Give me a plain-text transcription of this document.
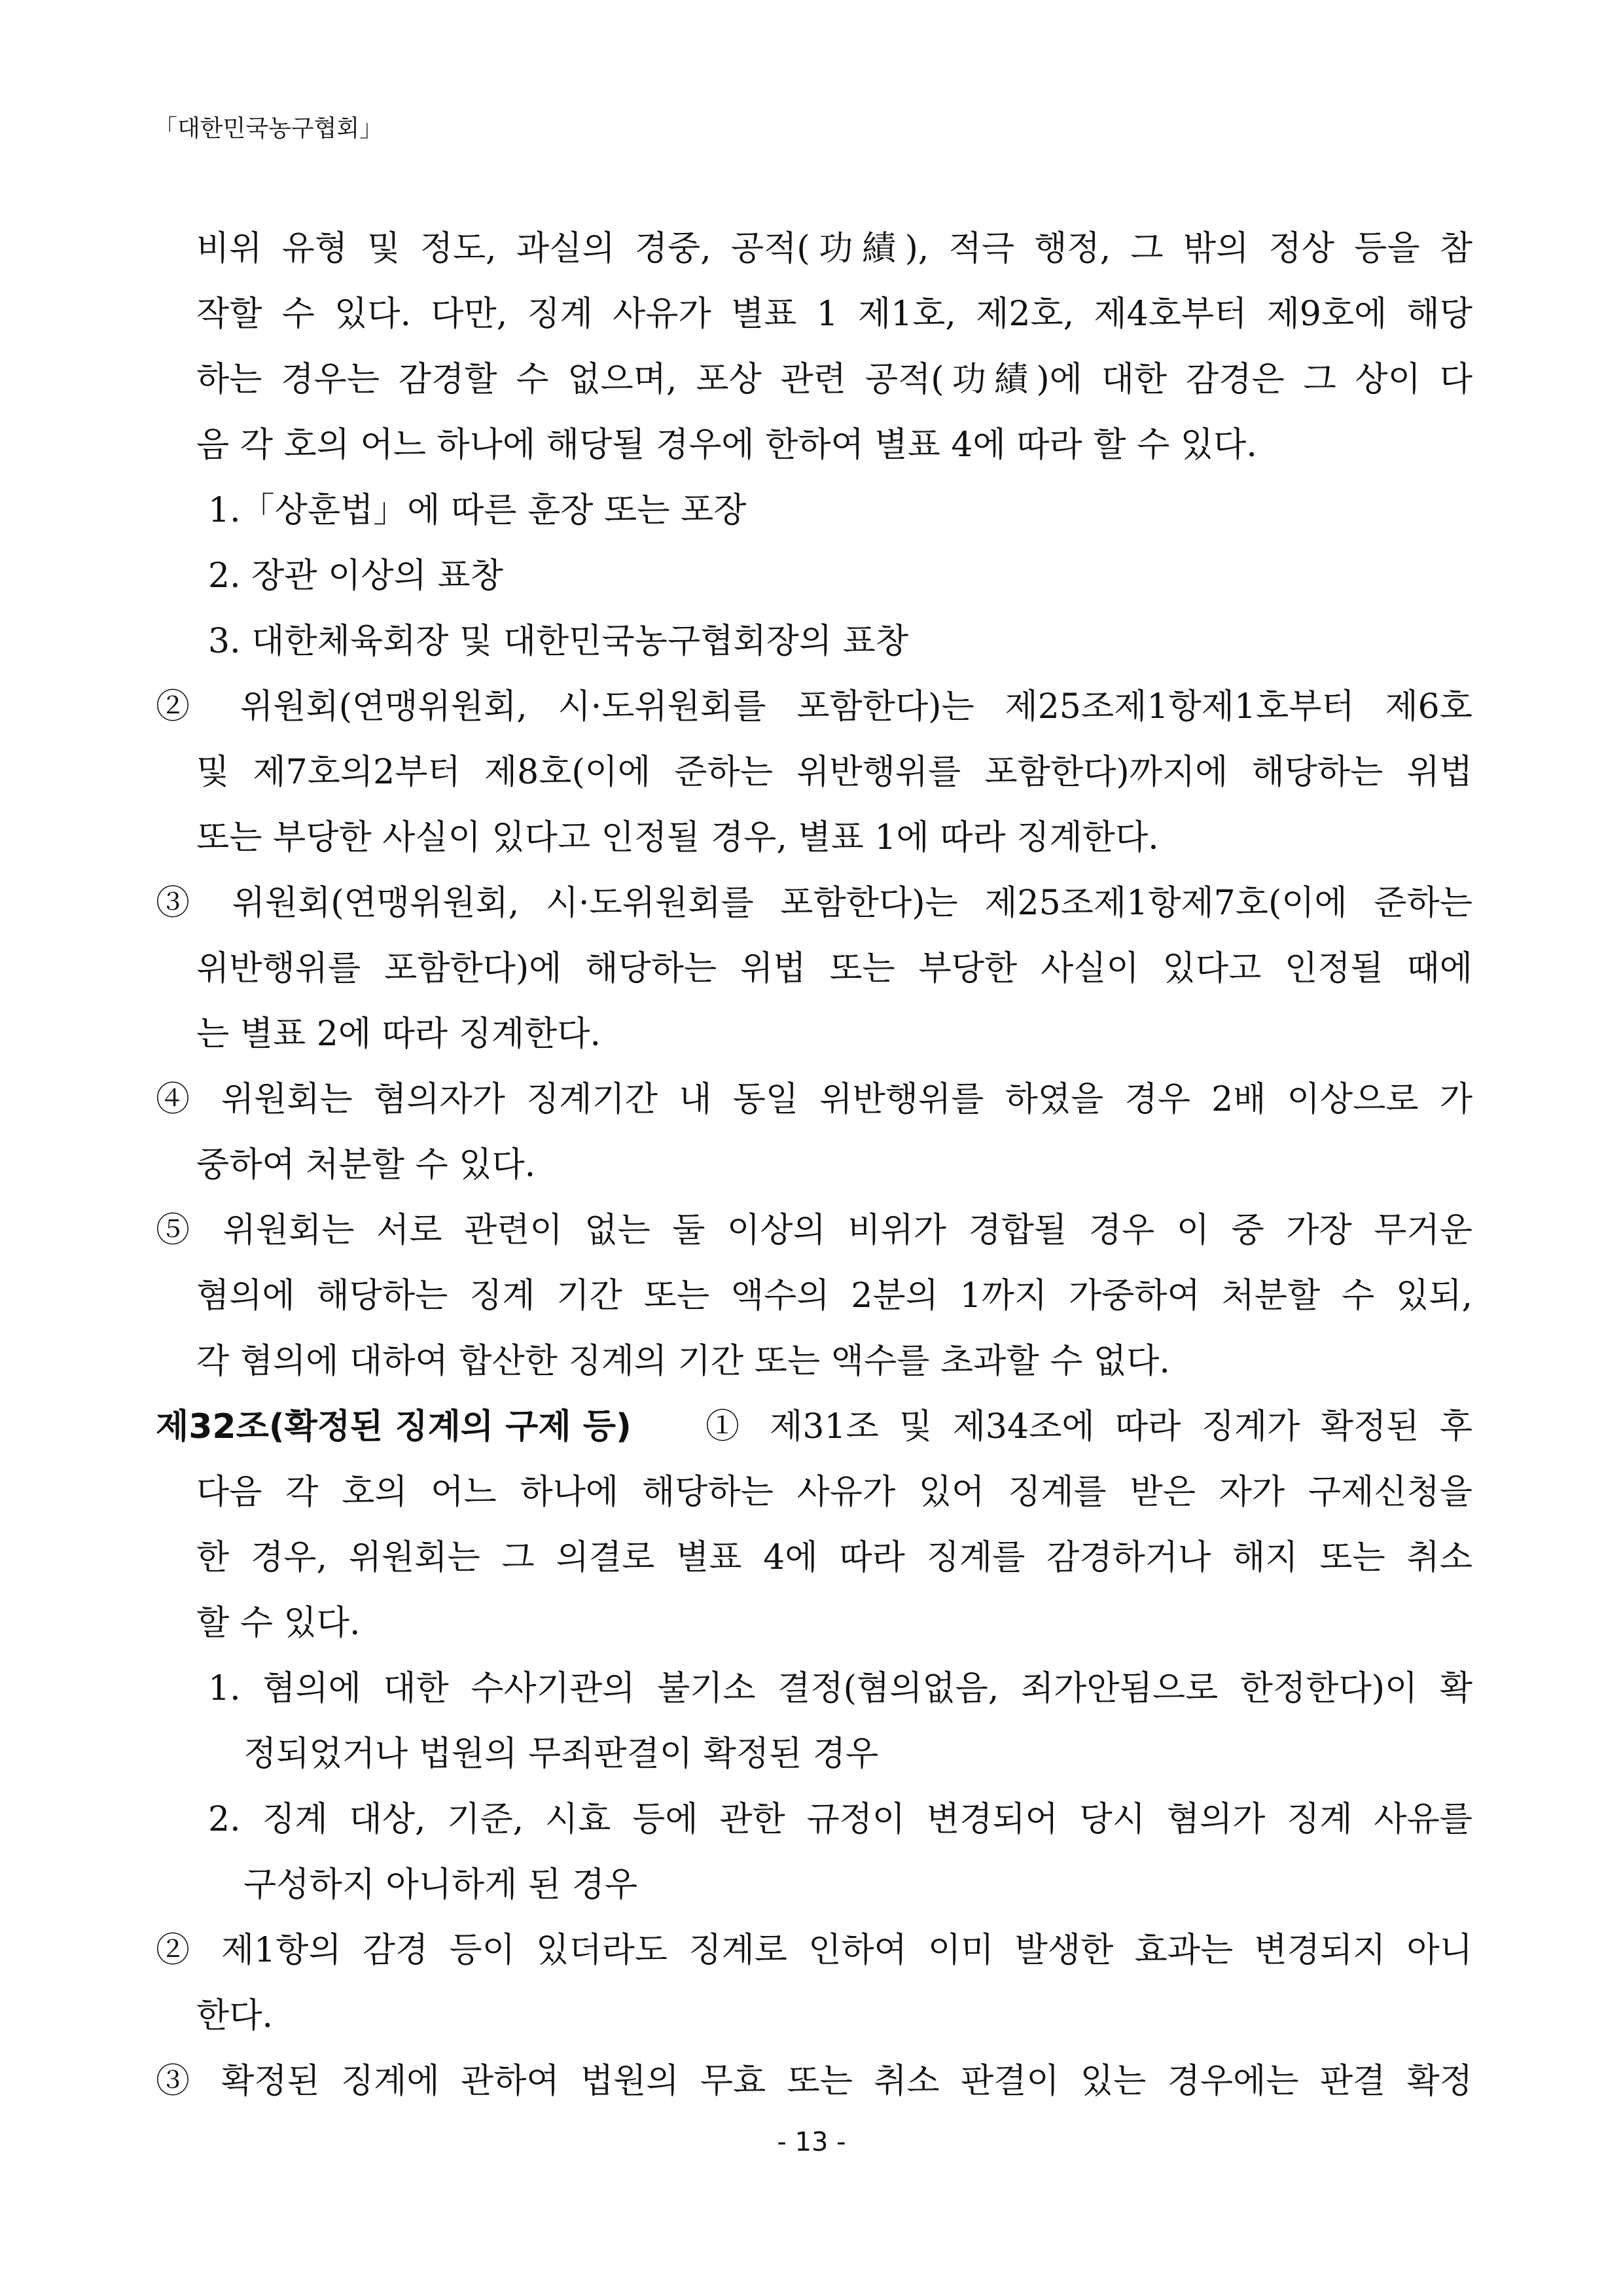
「대한민국농구협회」
비위 유형 및 정도, 과실의 경중, 공적(功績), 적극 행정, 그 밖의 정상 등을 참
작할 수 있다. 다만, 징계 사유가 별표 1 제1호, 제2호, 제4호부터 제9호에 해당
하는 경우는 감경할 수 없으며, 포상 관련 공적(功績)에 대한 감경은 그 상이 다
음 각 호의 어느 하나에 해당될 경우에 한하여 별표 4에 따라 할 수 있다.
1.「상훈법」에 따른 훈장 또는 포장
2. 장관 이상의 표창
3. 대한체육회장 및 대한민국농구협회장의 표창
② 위원회(연맹위원회, 시·도위원회를 포함한다)는 제25조제1항제1호부터 제6호
및 제7호의2부터 제8호(이에 준하는 위반행위를 포함한다)까지에 해당하는 위법
또는 부당한 사실이 있다고 인정될 경우, 별표 1에 따라 징계한다.
③ 위원회(연맹위원회, 시·도위원회를 포함한다)는 제25조제1항제7호(이에 준하는
위반행위를 포함한다)에 해당하는 위법 또는 부당한 사실이 있다고 인정될 때에
는 별표 2에 따라 징계한다.
④ 위원회는 혐의자가 징계기간 내 동일 위반행위를 하였을 경우 2배 이상으로 가
중하여 처분할 수 있다.
⑤ 위원회는 서로 관련이 없는 둘 이상의 비위가 경합될 경우 이 중 가장 무거운
혐의에 해당하는 징계 기간 또는 액수의 2분의 1까지 가중하여 처분할 수 있되,
각 혐의에 대하여 합산한 징계의 기간 또는 액수를 초과할 수 없다.
제32조(확정된 징계의 구제 등) ① 제31조 및 제34조에 따라 징계가 확정된 후
다음 각 호의 어느 하나에 해당하는 사유가 있어 징계를 받은 자가 구제신청을
한 경우, 위원회는 그 의결로 별표 4에 따라 징계를 감경하거나 해지 또는 취소
할 수 있다.
1. 혐의에 대한 수사기관의 불기소 결정(혐의없음, 죄가안됨으로 한정한다)이 확
정되었거나 법원의 무죄판결이 확정된 경우
2. 징계 대상, 기준, 시효 등에 관한 규정이 변경되어 당시 혐의가 징계 사유를
구성하지 아니하게 된 경우
② 제1항의 감경 등이 있더라도 징계로 인하여 이미 발생한 효과는 변경되지 아니
한다.
③ 확정된 징계에 관하여 법원의 무효 또는 취소 판결이 있는 경우에는 판결 확정
- 13 -
